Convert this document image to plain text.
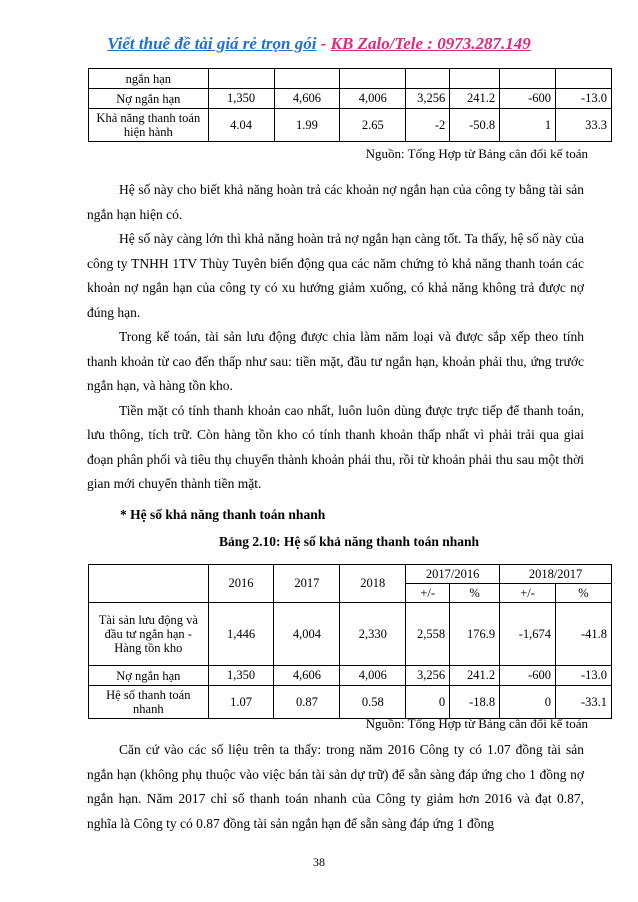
Viết thuê đề tài giá rẻ trọn gói - KB Zalo/Tele : 0973.287.149
ngắn hạn							
Nợ ngắn hạn	1,350	4,606	4,006	3,256	241.2	-600	-13.0
Khả năng thanh toán hiện hành	4.04	1.99	2.65	-2	-50.8	1	33.3
Nguồn: Tổng Hợp từ Bảng cân đối kế toán

Hệ số này cho biết khả năng hoàn trả các khoản nợ ngắn hạn của công ty bằng tài sản ngắn hạn hiện có.

Hệ số này càng lớn thì khả năng hoàn trả nợ ngắn hạn càng tốt. Ta thấy, hệ số này của công ty TNHH 1TV Thùy Tuyên biến động qua các năm chứng tỏ khả năng thanh toán các khoản nợ ngắn hạn của công ty có xu hướng giảm xuống, có khả năng không trả được nợ đúng hạn.

Trong kế toán, tài sản lưu động được chia làm năm loại và được sắp xếp theo tính thanh khoản từ cao đến thấp như sau: tiền mặt, đầu tư ngắn hạn, khoản phải thu, ứng trước ngắn hạn, và hàng tồn kho.

Tiền mặt có tính thanh khoản cao nhất, luôn luôn dùng được trực tiếp để thanh toán, lưu thông, tích trữ. Còn hàng tồn kho có tính thanh khoản thấp nhất vì phải trải qua giai đoạn phân phối và tiêu thụ chuyển thành khoản phải thu, rồi từ khoản phải thu sau một thời gian mới chuyển thành tiền mặt.

* Hệ số khả năng thanh toán nhanh
Bảng 2.10: Hệ số khả năng thanh toán nhanh
	2016	2017	2018	2017/2016		2018/2017	
				+/-	%	+/-	%
Tài sản lưu động và đầu tư ngắn hạn - Hàng tồn kho	1,446	4,004	2,330	2,558	176.9	-1,674	-41.8
Nợ ngắn hạn	1,350	4,606	4,006	3,256	241.2	-600	-13.0
Hệ số thanh toán nhanh	1.07	0.87	0.58	0	-18.8	0	-33.1
Nguồn: Tổng Hợp từ Bảng cân đối kế toán

Căn cứ vào các số liệu trên ta thấy: trong năm 2016 Công ty có 1.07 đồng tài sản ngắn hạn (không phụ thuộc vào việc bán tài sản dự trữ) để sẵn sàng đáp ứng cho 1 đồng nợ ngắn hạn. Năm 2017 chỉ số thanh toán nhanh của Công ty giảm hơn 2016 và đạt 0.87, nghĩa là Công ty có 0.87 đồng tài sản ngắn hạn để sẵn sàng đáp ứng 1 đồng

38
